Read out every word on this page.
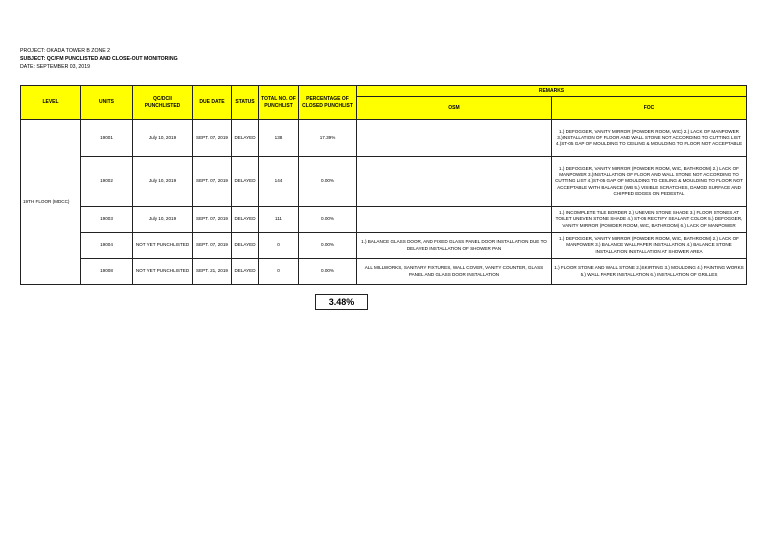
PROJECT: OKADA TOWER B ZONE 2
SUBJECT: QC/FM PUNCLISTED AND CLOSE-OUT MONITORING
DATE: SEPTEMBER 03, 2019
LEVEL	UNITS	QC/DCII PUNCHLISTED	DUE DATE	STATUS	TOTAL NO. OF PUNCHLIST	PERCENTAGE OF CLOSED PUNCHLIST	REMARKS	
							OSM	FOC
19TH FLOOR (MDCC)	19001	July 10, 2019	SEPT. 07, 2019	DELAYED	138	17.39%		1.) DEFOGGER, VANITY MIRROR (POWDER ROOM, WIC) 2.) LACK OF MANPOWER 3.)INSTALLATION OF FLOOR AND WALL STONE NOT ACCORDING TO CUTTING LIST 4.)ST-05 GAP OF MOULDING TO CEILING & MOULDING TO FLOOR NOT ACCEPTABLE
	19002	July 10, 2019	SEPT. 07, 2019	DELAYED	144	0.00%		1.) DEFOGGER, VANITY MIRROR (POWDER ROOM, WIC, BATHROOM) 2.) LACK OF MANPOWER 3.)INSTALLATION OF FLOOR AND WALL STONE NOT ACCORDING TO CUTTING LIST 4.)ST-05 GAP OF MOULDING TO CEILING & MOULDING TO FLOOR NOT ACCEPTABLE WITH BALANCE (WB 5.) VISIBLE SCRATCHES, DAMGD SURFACE AND CHIPPED EDGES ON PEDESTAL
	19003	July 10, 2019	SEPT. 07, 2019	DELAYED	111	0.00%		1.) INCOMPLETE TILE BORDER 2.) UNEVEN STONE SHADE 3.) FLOOR STONES AT TOILET UNEVEN STONE SHADE 4.) ST-05 RECTIFY SEALANT COLOR 5.) DEFOGGER, VANITY MIRROR (POWDER ROOM, WIC, BATHROOM) 6.) LACK OF MANPOWER
	19004	NOT YET PUNCHLISTED	SEPT. 07, 2019	DELAYED	0	0.00%	1.) BALANCE GLASS DOOR, AND FIXED GLASS PANEL DOOR INSTALLATION DUE TO DELAYED INSTALLATION OF SHOWER PAN	1.) DEFOGGER, VANITY MIRROR (POWDER ROOM, WIC, BATHROOM) 2.) LACK OF MANPOWER 3.) BALANCE WALLPAPER INSTALLATION 4.) BALANCE STONE INSTALLATION INSTALLATION AT SHOWER AREA
	19008	NOT YET PUNCHLISTED	SEPT. 21, 2019	DELAYED	0	0.00%	ALL MILLWORKS, SANITARY FIXTURES, WALL COVER, VANITY COUNTER, GLASS PANEL AND GLASS DOOR INSTALLATION	1.) FLOOR STONE AND WALL STONE 2.)SKIRTING 3.) MOULDING 4.) PAINTING WORKS 5.) WALL PAPER INSTALLATION 6.) INSTALLATION OF GRILLES
3.48%
